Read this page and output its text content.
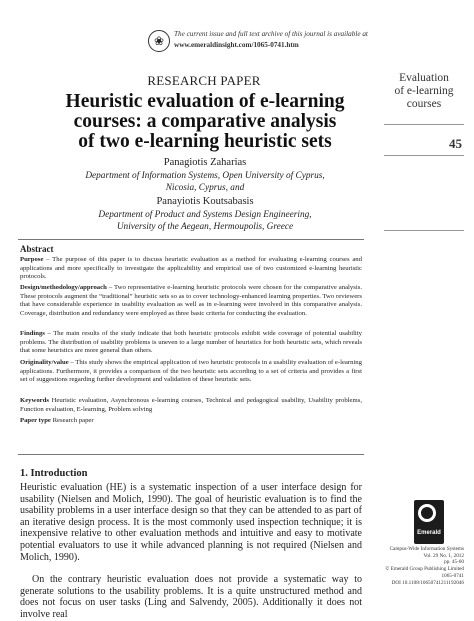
❀	The current issue and full text archive of this journal is available at
www.emeraldinsight.com/1065-0741.htm
RESEARCH PAPER
Heuristic evaluation of e-learning
courses: a comparative analysis
of two e-learning heuristic sets
Panagiotis Zaharias
Department of Information Systems, Open University of Cyprus,
Nicosia, Cyprus, and
Panayiotis Koutsabasis
Department of Product and Systems Design Engineering,
University of the Aegean, Hermoupolis, Greece
Evaluation
of e-learning
courses
45
Abstract
Purpose – The purpose of this paper is to discuss heuristic evaluation as a method for evaluating e-learning courses and applications and more specifically to investigate the applicability and empirical use of two customized e-learning heuristic protocols.
Design/methodology/approach – Two representative e-learning heuristic protocols were chosen for the comparative analysis. These protocols augment the “traditional” heuristic sets so as to cover technology-enhanced learning properties. Two reviewers that have considerable experience in usability evaluation as well as in e-learning were involved in this comparative analysis. Coverage, distribution and redundancy were employed as three basic criteria for conducting the evaluation.
Findings – The main results of the study indicate that both heuristic protocols exhibit wide coverage of potential usability problems. The distribution of usability problems is uneven to a large number of heuristics for both heuristic sets, which reveals that some heuristics are more general than others.
Originality/value – This study shows the empirical application of two heuristic protocols in a usability evaluation of e-learning applications. Furthermore, it provides a comparison of the two heuristic sets according to a set of criteria and provides a first set of suggestions regarding further development and validation of these heuristic sets.
Keywords Heuristic evaluation, Asynchronous e-learning courses, Technical and pedagogical usability, Usability problems, Function evaluation, E-learning, Problem solving
Paper type Research paper
1. Introduction
Heuristic evaluation (HE) is a systematic inspection of a user interface design for usability (Nielsen and Molich, 1990). The goal of heuristic evaluation is to find the usability problems in a user interface design so that they can be attended to as part of an iterative design process. It is the most commonly used inspection technique; it is inexpensive relative to other evaluation methods and intuitive and easy to motivate potential evaluators to use it while advanced planning is not required (Nielsen and Molich, 1990).
On the contrary heuristic evaluation does not provide a systematic way to generate solutions to the usability problems. It is a quite unstructured method and does not focus on user tasks (Ling and Salvendy, 2005). Additionally it does not involve real
Emerald
Campus-Wide Information Systems
Vol. 29 No. 1, 2012
pp. 45-60
© Emerald Group Publishing Limited
1065-0741
DOI 10.1108/10650741211192046
